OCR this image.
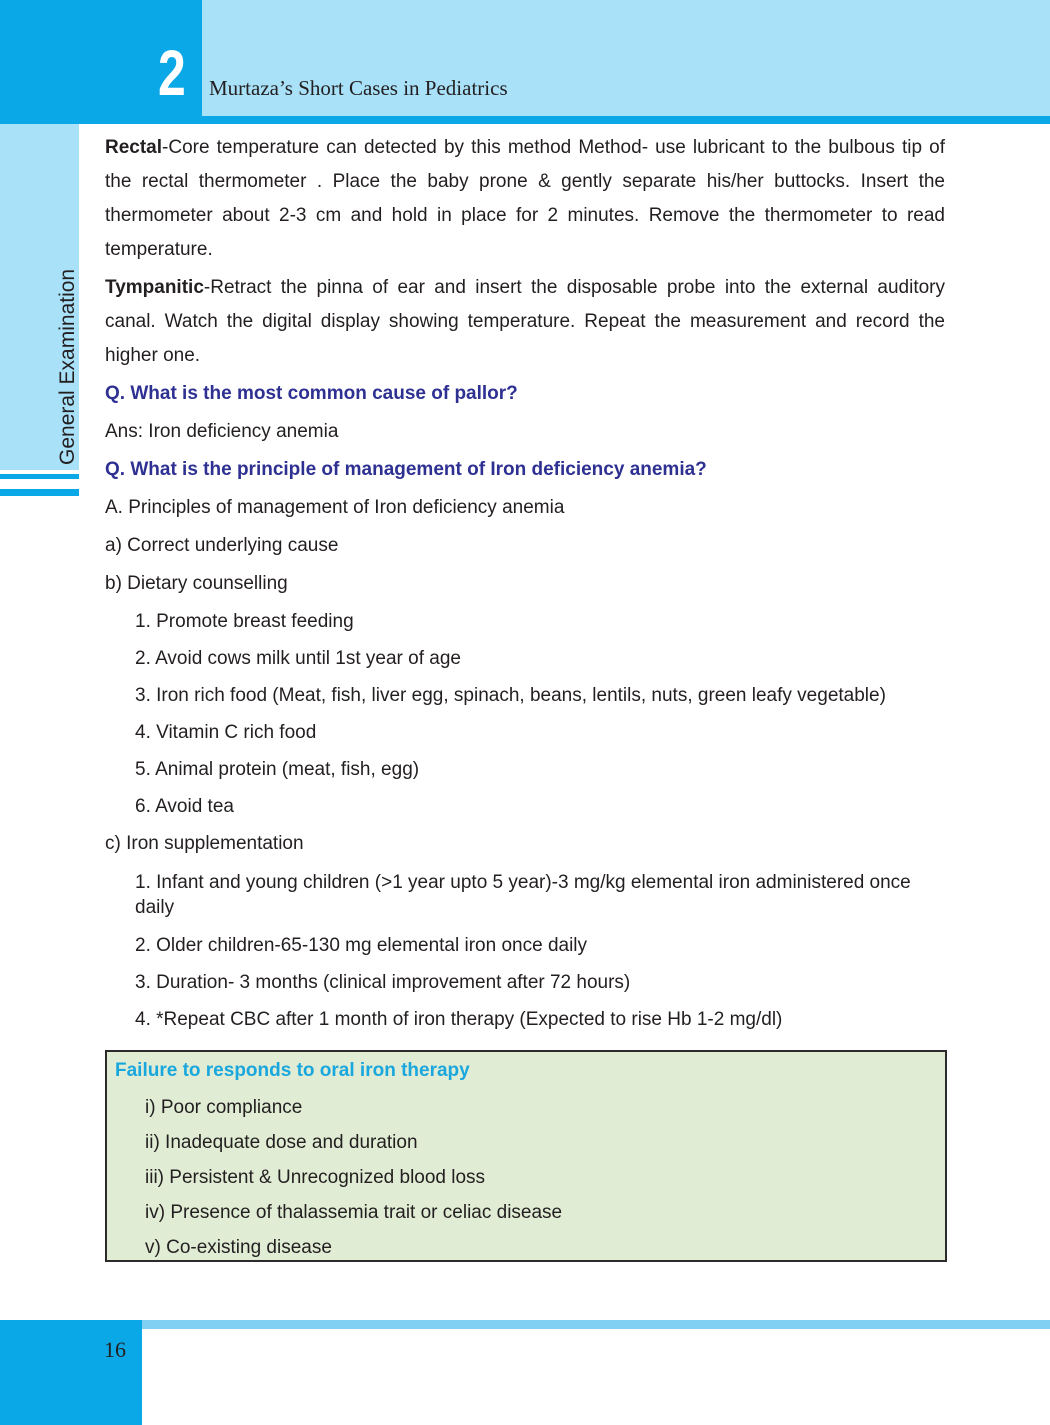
2	Murtaza’s Short Cases in Pediatrics
General Examination

Rectal-Core temperature can detected by this method Method- use lubricant to the bulbous tip of the rectal thermometer . Place the baby prone & gently separate his/her buttocks. Insert the thermometer about 2-3 cm and hold in place for 2 minutes. Remove the thermometer to read temperature.

Tympanitic-Retract the pinna of ear and insert the disposable probe into the external auditory canal. Watch the digital display showing temperature. Repeat the measurement and record the higher one.

Q. What is the most common cause of pallor?
Ans: Iron deficiency anemia
Q. What is the principle of management of Iron deficiency anemia?
A. Principles of management of Iron deficiency anemia
a) Correct underlying cause
b) Dietary counselling
1. Promote breast feeding
2. Avoid cows milk until 1st year of age
3. Iron rich food (Meat, fish, liver egg, spinach, beans, lentils, nuts, green leafy vegetable)
4. Vitamin C rich food
5. Animal protein (meat, fish, egg)
6. Avoid tea
c) Iron supplementation
1. Infant and young children (>1 year upto 5 year)-3 mg/kg elemental iron administered once daily
2. Older children-65-130 mg elemental iron once daily
3. Duration- 3 months (clinical improvement after 72 hours)
4. *Repeat CBC after 1 month of iron therapy (Expected to rise Hb 1-2 mg/dl)
Failure to responds to oral iron therapy
i) Poor compliance
ii) Inadequate dose and duration
iii) Persistent & Unrecognized blood loss
iv) Presence of thalassemia trait or celiac disease
v) Co-existing disease
16
